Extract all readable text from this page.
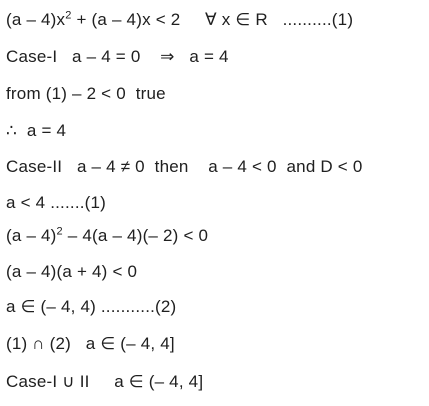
$(a - 4)x^2 + (a - 4)x < 2$     ∀ x ∈ R   ..........(1)
Case-I   a – 4 = 0    ⇒   a = 4
from (1) – 2 < 0  true
∴  a = 4
Case-II   a – 4 ≠ 0  then    a – 4 < 0  and D < 0
a < 4 .......(1)
(a – 4)$^2$ – 4(a – 4)(– 2) < 0
(a – 4)(a + 4) < 0
a ∈ (– 4, 4) ...........(2)
(1) ∩ (2)   a ∈ (– 4, 4]
Case-I ∪ II     a ∈ (– 4, 4]
